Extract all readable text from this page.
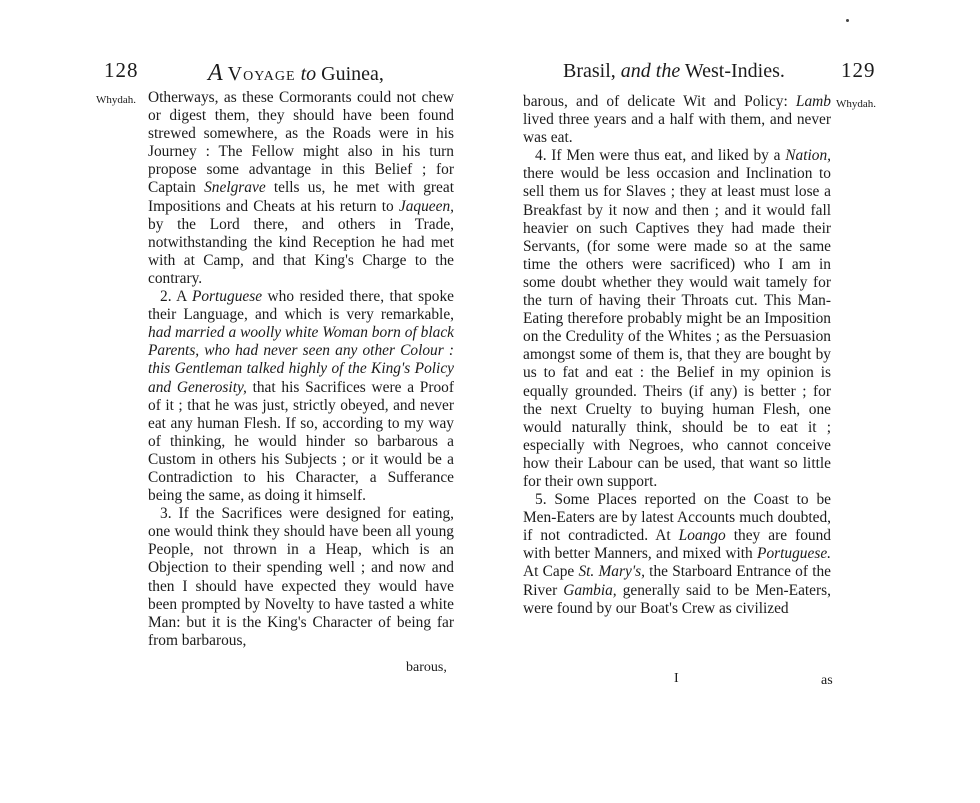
128	A Voyage to Guinea,
Whydah. Otherways, as these Cormorants could not chew or digest them, they should have been found strewed somewhere, as the Roads were in his Journey : The Fellow might also in his turn propose some advantage in this Belief ; for Captain Snelgrave tells us, he met with great Impositions and Cheats at his return to Jaqueen, by the Lord there, and others in Trade, notwithstanding the kind Reception he had met with at Camp, and that King's Charge to the contrary.

2. A Portuguese who resided there, that spoke their Language, and which is very remarkable, had married a woolly white Woman born of black Parents, who had never seen any other Colour : this Gentleman talked highly of the King's Policy and Generosity, that his Sacrifices were a Proof of it ; that he was just, strictly obeyed, and never eat any human Flesh. If so, according to my way of thinking, he would hinder so barbarous a Custom in others his Subjects ; or it would be a Contradiction to his Character, a Sufferance being the same, as doing it himself.

3. If the Sacrifices were designed for eating, one would think they should have been all young People, not thrown in a Heap, which is an Objection to their spending well ; and now and then I should have expected they would have been prompted by Novelty to have tasted a white Man: but it is the King's Character of being far from barbarous,

barous,
Brasil, and the West-Indies.	129
Whydah.

barous, and of delicate Wit and Policy: Lamb lived three years and a half with them, and never was eat.

4. If Men were thus eat, and liked by a Nation, there would be less occasion and Inclination to sell them us for Slaves ; they at least must lose a Breakfast by it now and then ; and it would fall heavier on such Captives they had made their Servants, (for some were made so at the same time the others were sacrificed) who I am in some doubt whether they would wait tamely for the turn of having their Throats cut. This Man-Eating therefore probably might be an Imposition on the Credulity of the Whites ; as the Persuasion amongst some of them is, that they are bought by us to fat and eat : the Belief in my opinion is equally grounded. Theirs (if any) is better ; for the next Cruelty to buying human Flesh, one would naturally think, should be to eat it ; especially with Negroes, who cannot conceive how their Labour can be used, that want so little for their own support.

5. Some Places reported on the Coast to be Men-Eaters are by latest Accounts much doubted, if not contradicted. At Loango they are found with better Manners, and mixed with Portuguese. At Cape St. Mary's, the Starboard Entrance of the River Gambia, generally said to be Men-Eaters, were found by our Boat's Crew as civilized

I	as
